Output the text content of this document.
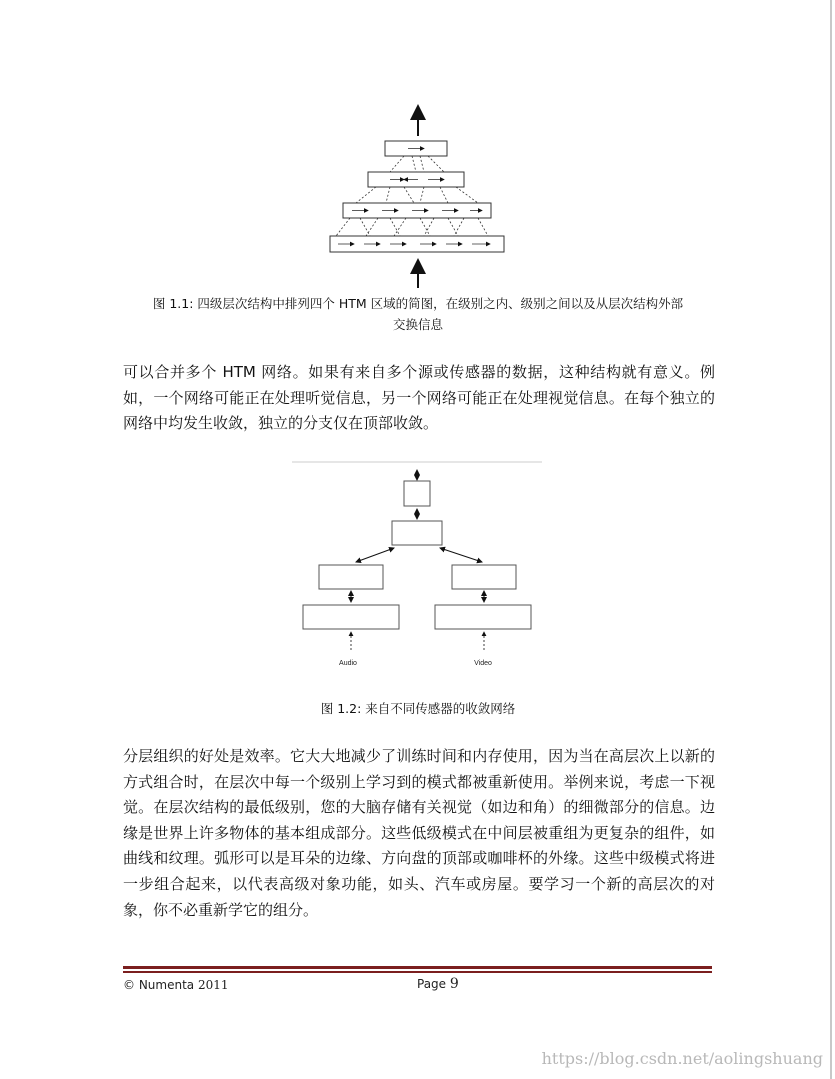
图 1.1: 四级层次结构中排列四个 HTM 区域的简图，在级别之内、级别之间以及从层次结构外部
交换信息

可以合并多个 HTM 网络。如果有来自多个源或传感器的数据，这种结构就有意义。例如，一个网络可能正在处理听觉信息，另一个网络可能正在处理视觉信息。在每个独立的网络中均发生收敛，独立的分支仅在顶部收敛。

Audio	Video
图 1.2: 来自不同传感器的收敛网络

分层组织的好处是效率。它大大地减少了训练时间和内存使用，因为当在高层次上以新的方式组合时，在层次中每一个级别上学习到的模式都被重新使用。举例来说，考虑一下视觉。在层次结构的最低级别，您的大脑存储有关视觉（如边和角）的细微部分的信息。边缘是世界上许多物体的基本组成部分。这些低级模式在中间层被重组为更复杂的组件，如曲线和纹理。弧形可以是耳朵的边缘、方向盘的顶部或咖啡杯的外缘。这些中级模式将进一步组合起来，以代表高级对象功能，如头、汽车或房屋。要学习一个新的高层次的对象，你不必重新学它的组分。

© Numenta 2011	Page 9
https://blog.csdn.net/aolingshuang
